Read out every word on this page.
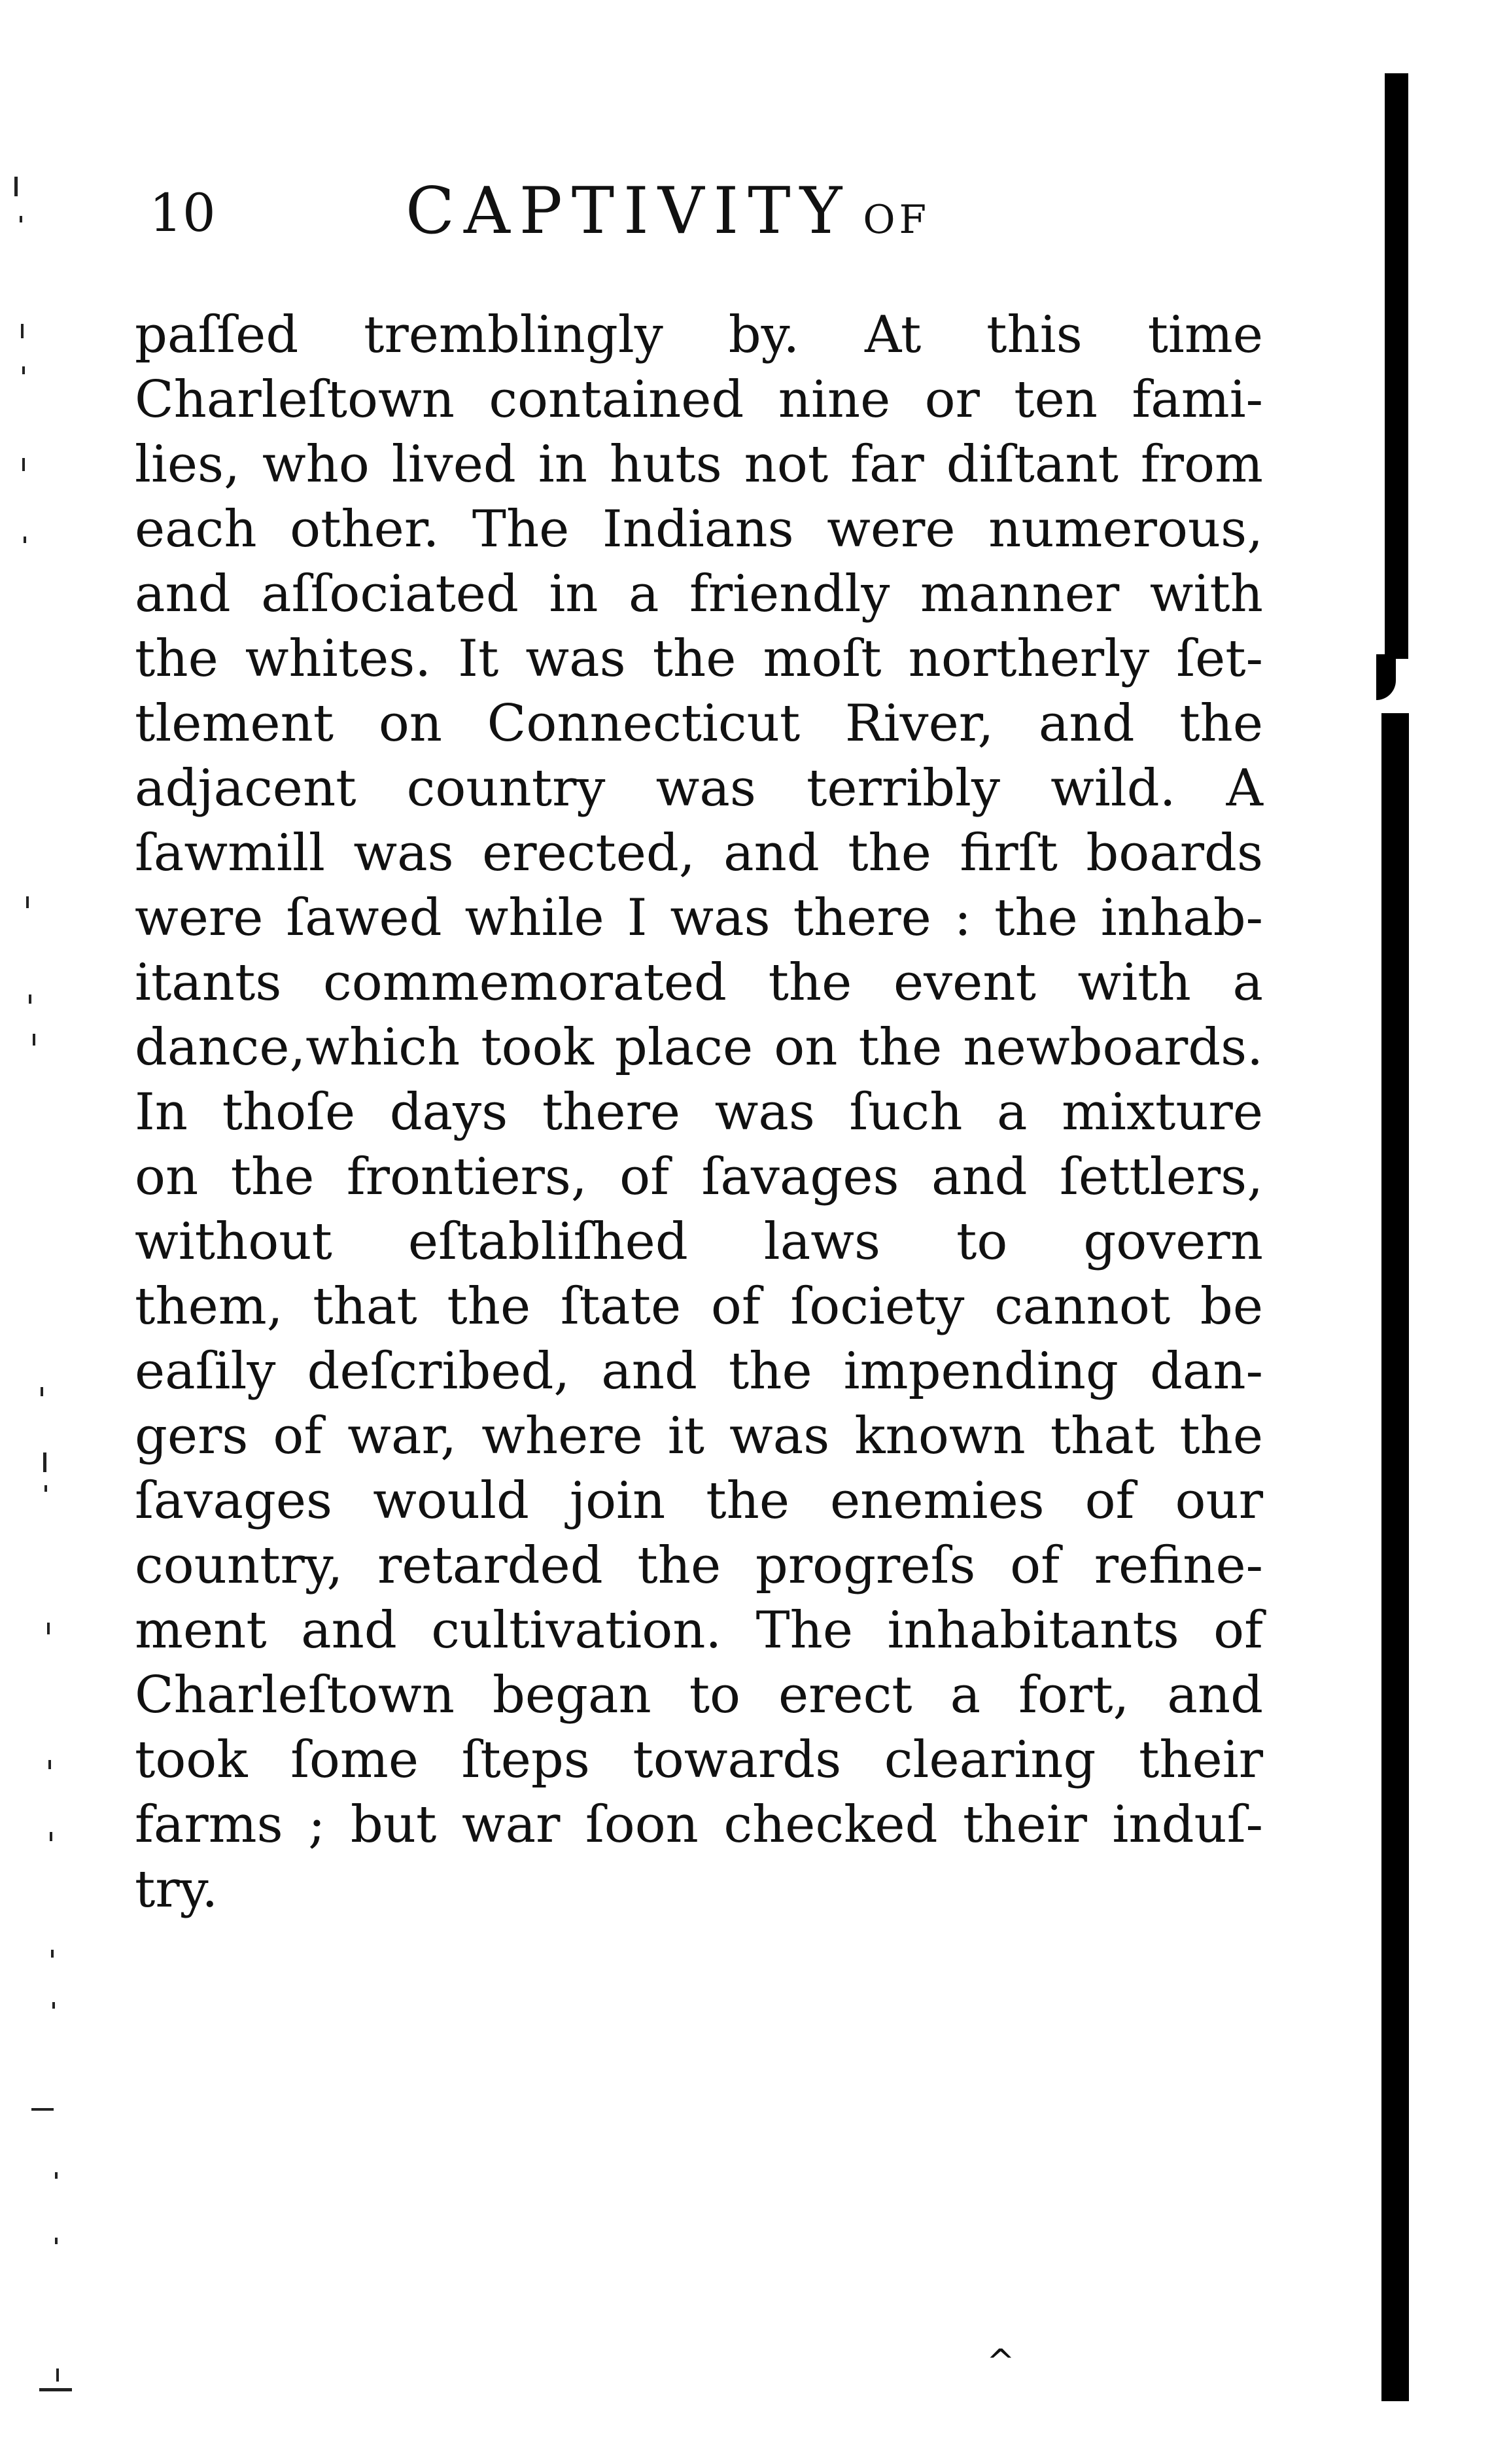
10	CAPTIVITY OF
paſſed tremblingly by. At this time
Charleſtown contained nine or ten fami-
lies, who lived in huts not far diſtant from
each other. The Indians were numerous,
and aſſociated in a friendly manner with
the whites. It was the moſt northerly ſet-
tlement on Connecticut River, and the
adjacent country was terribly wild. A
ſawmill was erected, and the firſt boards
were ſawed while I was there : the inhab-
itants commemorated the event with a
dance,which took place on the newboards.
In thoſe days there was ſuch a mixture
on the frontiers, of ſavages and ſettlers,
without eſtabliſhed laws to govern
them, that the ſtate of ſociety cannot be
eaſily deſcribed, and the impending dan-
gers of war, where it was known that the
ſavages would join the enemies of our
country, retarded the progreſs of refine-
ment and cultivation. The inhabitants of
Charleſtown began to erect a fort, and
took ſome ſteps towards clearing their
farms ; but war ſoon checked their induſ-
try.
^
